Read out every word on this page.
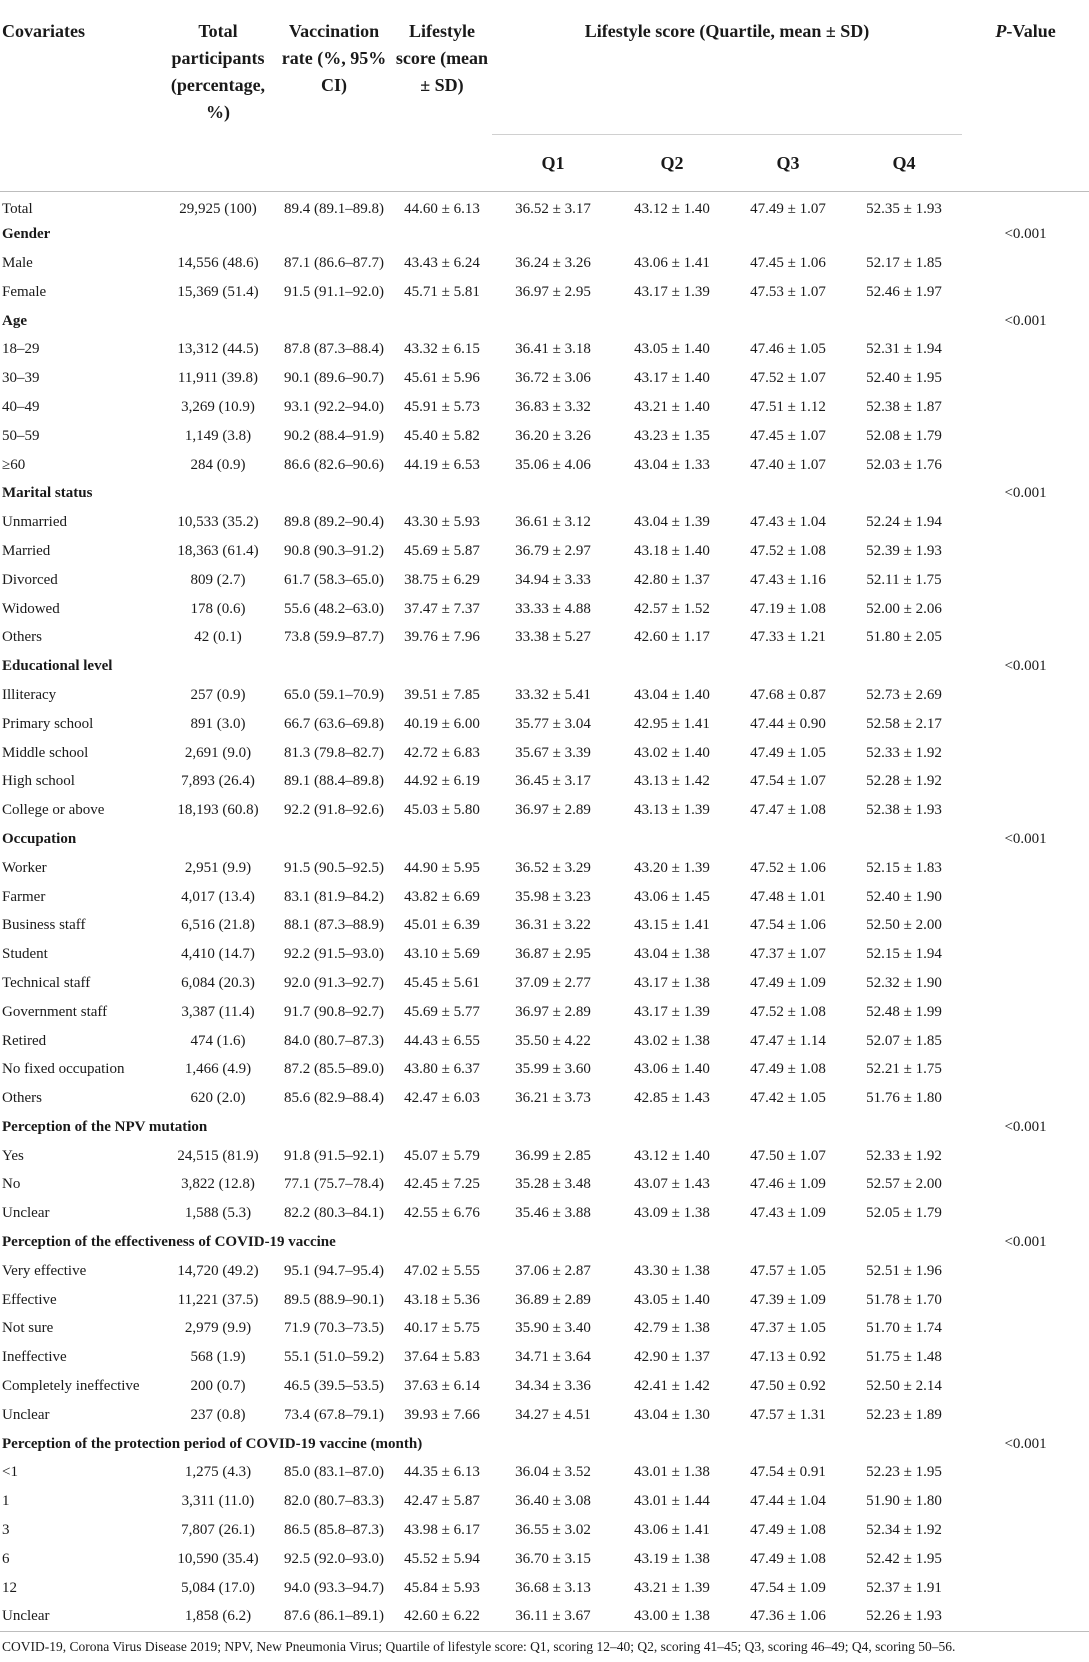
Covariates	Total participants (percentage, %)	Vaccination rate (%, 95% CI)	Lifestyle score (mean ± SD)	Lifestyle score (Quartile, mean ± SD)				P-Value
				Q1	Q2	Q3	Q4	
Total	29,925 (100)	89.4 (89.1–89.8)	44.60 ± 6.13	36.52 ± 3.17	43.12 ± 1.40	47.49 ± 1.07	52.35 ± 1.93	
Gender								<0.001
Male	14,556 (48.6)	87.1 (86.6–87.7)	43.43 ± 6.24	36.24 ± 3.26	43.06 ± 1.41	47.45 ± 1.06	52.17 ± 1.85	
Female	15,369 (51.4)	91.5 (91.1–92.0)	45.71 ± 5.81	36.97 ± 2.95	43.17 ± 1.39	47.53 ± 1.07	52.46 ± 1.97	
Age								<0.001
18–29	13,312 (44.5)	87.8 (87.3–88.4)	43.32 ± 6.15	36.41 ± 3.18	43.05 ± 1.40	47.46 ± 1.05	52.31 ± 1.94	
30–39	11,911 (39.8)	90.1 (89.6–90.7)	45.61 ± 5.96	36.72 ± 3.06	43.17 ± 1.40	47.52 ± 1.07	52.40 ± 1.95	
40–49	3,269 (10.9)	93.1 (92.2–94.0)	45.91 ± 5.73	36.83 ± 3.32	43.21 ± 1.40	47.51 ± 1.12	52.38 ± 1.87	
50–59	1,149 (3.8)	90.2 (88.4–91.9)	45.40 ± 5.82	36.20 ± 3.26	43.23 ± 1.35	47.45 ± 1.07	52.08 ± 1.79	
≥60	284 (0.9)	86.6 (82.6–90.6)	44.19 ± 6.53	35.06 ± 4.06	43.04 ± 1.33	47.40 ± 1.07	52.03 ± 1.76	
Marital status								<0.001
Unmarried	10,533 (35.2)	89.8 (89.2–90.4)	43.30 ± 5.93	36.61 ± 3.12	43.04 ± 1.39	47.43 ± 1.04	52.24 ± 1.94	
Married	18,363 (61.4)	90.8 (90.3–91.2)	45.69 ± 5.87	36.79 ± 2.97	43.18 ± 1.40	47.52 ± 1.08	52.39 ± 1.93	
Divorced	809 (2.7)	61.7 (58.3–65.0)	38.75 ± 6.29	34.94 ± 3.33	42.80 ± 1.37	47.43 ± 1.16	52.11 ± 1.75	
Widowed	178 (0.6)	55.6 (48.2–63.0)	37.47 ± 7.37	33.33 ± 4.88	42.57 ± 1.52	47.19 ± 1.08	52.00 ± 2.06	
Others	42 (0.1)	73.8 (59.9–87.7)	39.76 ± 7.96	33.38 ± 5.27	42.60 ± 1.17	47.33 ± 1.21	51.80 ± 2.05	
Educational level								<0.001
Illiteracy	257 (0.9)	65.0 (59.1–70.9)	39.51 ± 7.85	33.32 ± 5.41	43.04 ± 1.40	47.68 ± 0.87	52.73 ± 2.69	
Primary school	891 (3.0)	66.7 (63.6–69.8)	40.19 ± 6.00	35.77 ± 3.04	42.95 ± 1.41	47.44 ± 0.90	52.58 ± 2.17	
Middle school	2,691 (9.0)	81.3 (79.8–82.7)	42.72 ± 6.83	35.67 ± 3.39	43.02 ± 1.40	47.49 ± 1.05	52.33 ± 1.92	
High school	7,893 (26.4)	89.1 (88.4–89.8)	44.92 ± 6.19	36.45 ± 3.17	43.13 ± 1.42	47.54 ± 1.07	52.28 ± 1.92	
College or above	18,193 (60.8)	92.2 (91.8–92.6)	45.03 ± 5.80	36.97 ± 2.89	43.13 ± 1.39	47.47 ± 1.08	52.38 ± 1.93	
Occupation								<0.001
Worker	2,951 (9.9)	91.5 (90.5–92.5)	44.90 ± 5.95	36.52 ± 3.29	43.20 ± 1.39	47.52 ± 1.06	52.15 ± 1.83	
Farmer	4,017 (13.4)	83.1 (81.9–84.2)	43.82 ± 6.69	35.98 ± 3.23	43.06 ± 1.45	47.48 ± 1.01	52.40 ± 1.90	
Business staff	6,516 (21.8)	88.1 (87.3–88.9)	45.01 ± 6.39	36.31 ± 3.22	43.15 ± 1.41	47.54 ± 1.06	52.50 ± 2.00	
Student	4,410 (14.7)	92.2 (91.5–93.0)	43.10 ± 5.69	36.87 ± 2.95	43.04 ± 1.38	47.37 ± 1.07	52.15 ± 1.94	
Technical staff	6,084 (20.3)	92.0 (91.3–92.7)	45.45 ± 5.61	37.09 ± 2.77	43.17 ± 1.38	47.49 ± 1.09	52.32 ± 1.90	
Government staff	3,387 (11.4)	91.7 (90.8–92.7)	45.69 ± 5.77	36.97 ± 2.89	43.17 ± 1.39	47.52 ± 1.08	52.48 ± 1.99	
Retired	474 (1.6)	84.0 (80.7–87.3)	44.43 ± 6.55	35.50 ± 4.22	43.02 ± 1.38	47.47 ± 1.14	52.07 ± 1.85	
No fixed occupation	1,466 (4.9)	87.2 (85.5–89.0)	43.80 ± 6.37	35.99 ± 3.60	43.06 ± 1.40	47.49 ± 1.08	52.21 ± 1.75	
Others	620 (2.0)	85.6 (82.9–88.4)	42.47 ± 6.03	36.21 ± 3.73	42.85 ± 1.43	47.42 ± 1.05	51.76 ± 1.80	
Perception of the NPV mutation								<0.001
Yes	24,515 (81.9)	91.8 (91.5–92.1)	45.07 ± 5.79	36.99 ± 2.85	43.12 ± 1.40	47.50 ± 1.07	52.33 ± 1.92	
No	3,822 (12.8)	77.1 (75.7–78.4)	42.45 ± 7.25	35.28 ± 3.48	43.07 ± 1.43	47.46 ± 1.09	52.57 ± 2.00	
Unclear	1,588 (5.3)	82.2 (80.3–84.1)	42.55 ± 6.76	35.46 ± 3.88	43.09 ± 1.38	47.43 ± 1.09	52.05 ± 1.79	
Perception of the effectiveness of COVID-19 vaccine								<0.001
Very effective	14,720 (49.2)	95.1 (94.7–95.4)	47.02 ± 5.55	37.06 ± 2.87	43.30 ± 1.38	47.57 ± 1.05	52.51 ± 1.96	
Effective	11,221 (37.5)	89.5 (88.9–90.1)	43.18 ± 5.36	36.89 ± 2.89	43.05 ± 1.40	47.39 ± 1.09	51.78 ± 1.70	
Not sure	2,979 (9.9)	71.9 (70.3–73.5)	40.17 ± 5.75	35.90 ± 3.40	42.79 ± 1.38	47.37 ± 1.05	51.70 ± 1.74	
Ineffective	568 (1.9)	55.1 (51.0–59.2)	37.64 ± 5.83	34.71 ± 3.64	42.90 ± 1.37	47.13 ± 0.92	51.75 ± 1.48	
Completely ineffective	200 (0.7)	46.5 (39.5–53.5)	37.63 ± 6.14	34.34 ± 3.36	42.41 ± 1.42	47.50 ± 0.92	52.50 ± 2.14	
Unclear	237 (0.8)	73.4 (67.8–79.1)	39.93 ± 7.66	34.27 ± 4.51	43.04 ± 1.30	47.57 ± 1.31	52.23 ± 1.89	
Perception of the protection period of COVID-19 vaccine (month)								<0.001
<1	1,275 (4.3)	85.0 (83.1–87.0)	44.35 ± 6.13	36.04 ± 3.52	43.01 ± 1.38	47.54 ± 0.91	52.23 ± 1.95	
1	3,311 (11.0)	82.0 (80.7–83.3)	42.47 ± 5.87	36.40 ± 3.08	43.01 ± 1.44	47.44 ± 1.04	51.90 ± 1.80	
3	7,807 (26.1)	86.5 (85.8–87.3)	43.98 ± 6.17	36.55 ± 3.02	43.06 ± 1.41	47.49 ± 1.08	52.34 ± 1.92	
6	10,590 (35.4)	92.5 (92.0–93.0)	45.52 ± 5.94	36.70 ± 3.15	43.19 ± 1.38	47.49 ± 1.08	52.42 ± 1.95	
12	5,084 (17.0)	94.0 (93.3–94.7)	45.84 ± 5.93	36.68 ± 3.13	43.21 ± 1.39	47.54 ± 1.09	52.37 ± 1.91	
Unclear	1,858 (6.2)	87.6 (86.1–89.1)	42.60 ± 6.22	36.11 ± 3.67	43.00 ± 1.38	47.36 ± 1.06	52.26 ± 1.93	
COVID-19, Corona Virus Disease 2019; NPV, New Pneumonia Virus; Quartile of lifestyle score: Q1, scoring 12–40; Q2, scoring 41–45; Q3, scoring 46–49; Q4, scoring 50–56.
